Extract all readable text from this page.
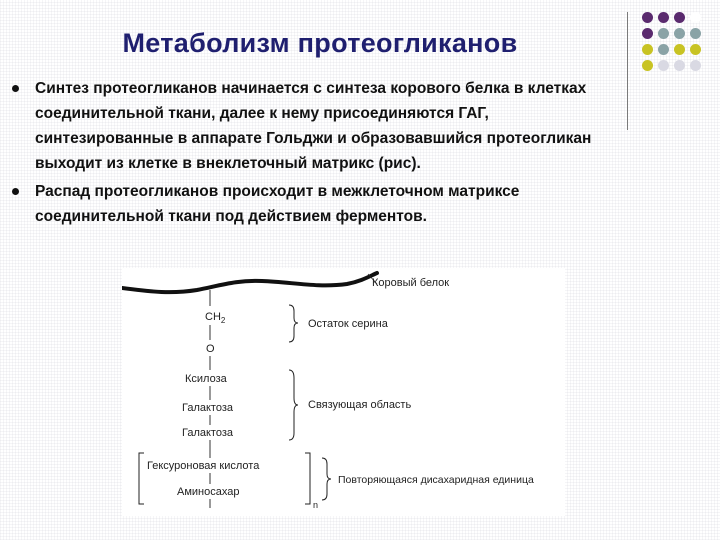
Метаболизм протеогликанов
Синтез протеогликанов начинается с синтеза корового белка в клетках соединительной ткани, далее к нему присоединяются ГАГ, синтезированные в аппарате Гольджи и образовавшийся протеогликан выходит из клетке в внеклеточный матрикс (рис).
Распад протеогликанов происходит в межклеточном матриксе соединительной ткани под действием ферментов.
Коровый белок
$CH_2$
O
Ксилоза
Галактоза
Галактоза
Гексуроновая кислота
Аминосахар
n
Остаток серина
Связующая область
Повторяющаяся дисахаридная единица
